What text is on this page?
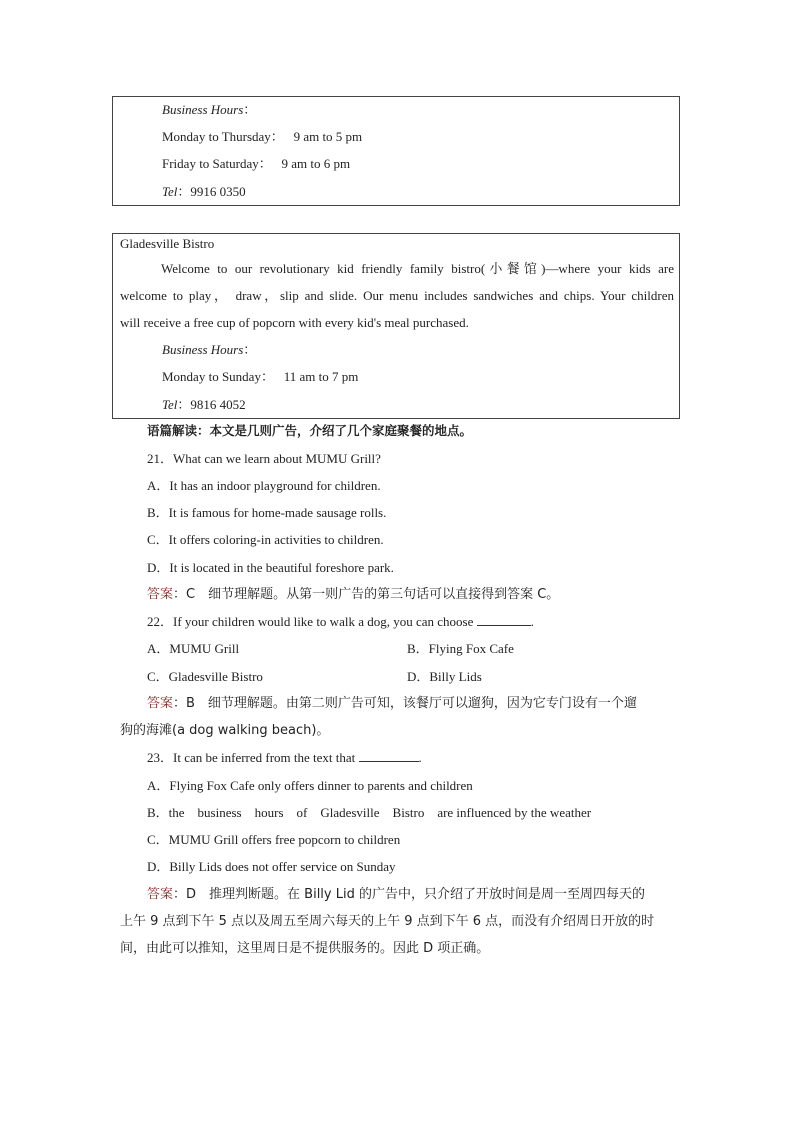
Business Hours：
Monday to Thursday： 9 am to 5 pm
Friday to Saturday： 9 am to 6 pm
Tel：9916 0350
Gladesville Bistro
Welcome to our revolutionary kid friendly family bistro(小餐馆)—where your kids are
welcome to play， draw，slip and slide. Our menu includes sandwiches and chips. Your children
will receive a free cup of popcorn with every kid's meal purchased.
Business Hours：
Monday to Sunday： 11 am to 7 pm
Tel：9816 4052
语篇解读：本文是几则广告，介绍了几个家庭聚餐的地点。
21．What can we learn about MUMU Grill?
A．It has an indoor playground for children.
B．It is famous for home-made sausage rolls.
C．It offers coloring-in activities to children.
D．It is located in the beautiful foreshore park.
答案：C　细节理解题。从第一则广告的第三句话可以直接得到答案 C。
22．If your children would like to walk a dog, you can choose	.
A．MUMU Grill	B．Flying Fox Cafe
C．Gladesville Bistro	D．Billy Lids
答案：B　细节理解题。由第二则广告可知，该餐厅可以遛狗，因为它专门设有一个遛
狗的海滩(a dog walking beach)。
23．It can be inferred from the text that	.
A．Flying Fox Cafe only offers dinner to parents and children
B．the    business    hours    of    Gladesville    Bistro    are influenced by the weather
C．MUMU Grill offers free popcorn to children
D．Billy Lids does not offer service on Sunday
答案：D　推理判断题。在 Billy Lid 的广告中，只介绍了开放时间是周一至周四每天的
上午 9 点到下午 5 点以及周五至周六每天的上午 9 点到下午 6 点，而没有介绍周日开放的时
间，由此可以推知，这里周日是不提供服务的。因此 D 项正确。
